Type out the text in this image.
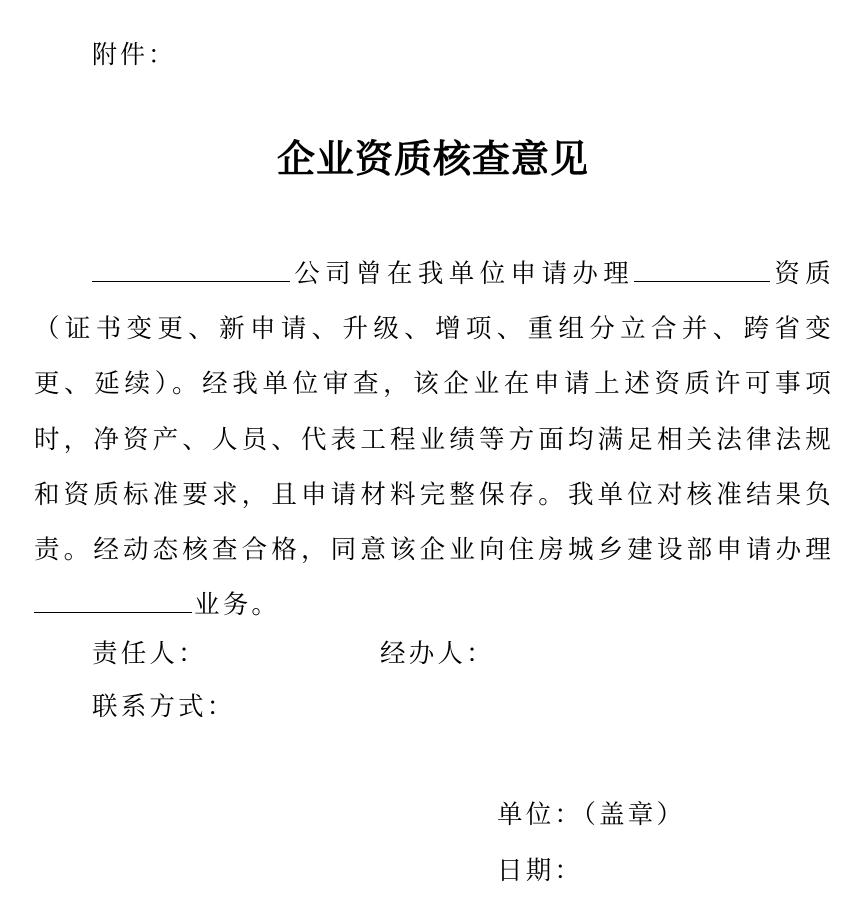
附件：
企业资质核查意见

公司曾在我单位申请办理	资质（证书变更、新申请、升级、增项、重组分立合并、跨省变更、延续）。经我单位审查，该企业在申请上述资质许可事项时，净资产、人员、代表工程业绩等方面均满足相关法律法规和资质标准要求，且申请材料完整保存。我单位对核准结果负责。经动态核查合格，同意该企业向住房城乡建设部申请办理业务。

责任人：	经办人：
联系方式：
单位：（盖章）
日期：
